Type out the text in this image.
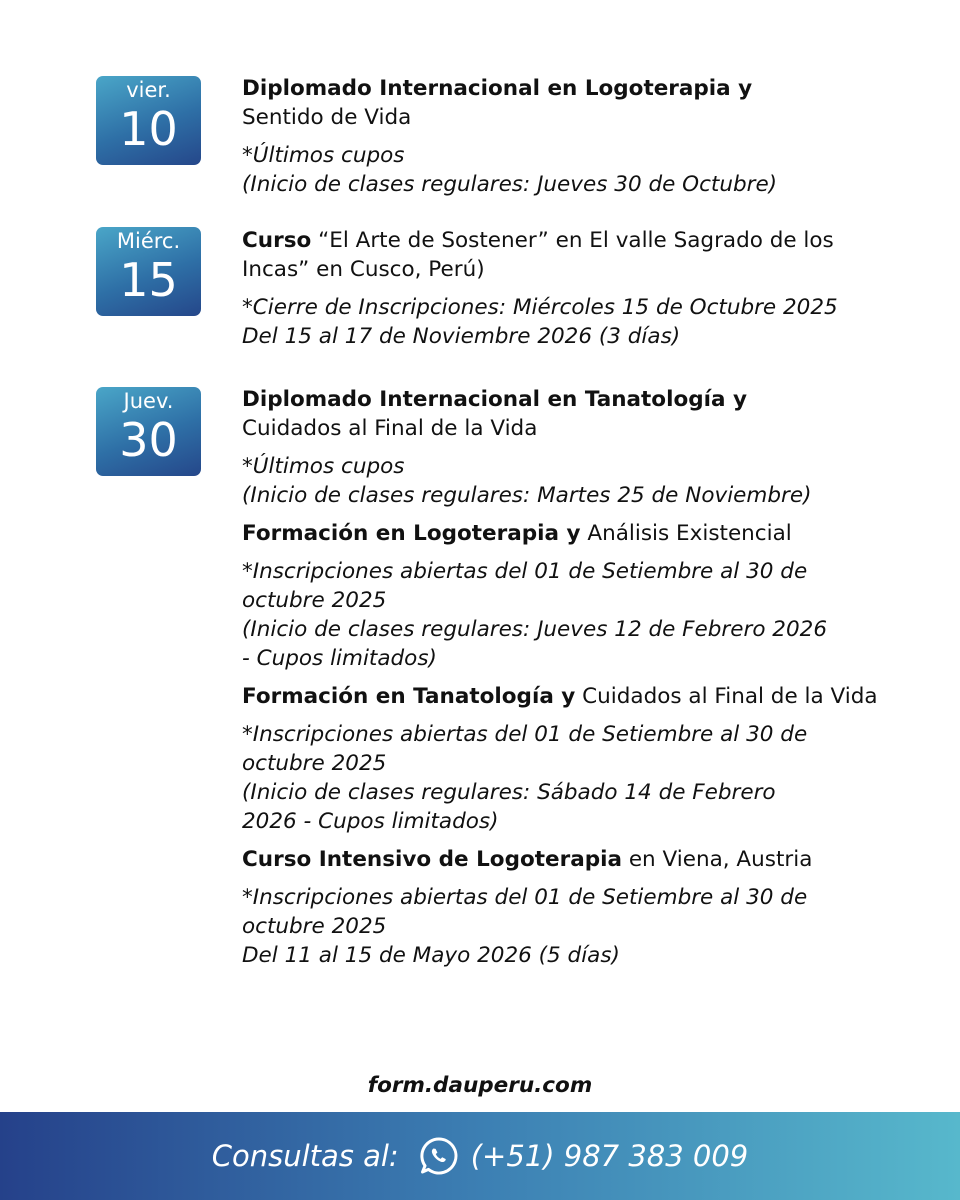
vier.
10
Diplomado Internacional en Logoterapia y
Sentido de Vida
*Últimos cupos
(Inicio de clases regulares: Jueves 30 de Octubre)
Miérc.
15
Curso “El Arte de Sostener” en El valle Sagrado de los
Incas” en Cusco, Perú)
*Cierre de Inscripciones: Miércoles 15 de Octubre 2025
Del 15 al 17 de Noviembre 2026 (3 días)
Juev.
30
Diplomado Internacional en Tanatología y
Cuidados al Final de la Vida
*Últimos cupos
(Inicio de clases regulares: Martes 25 de Noviembre)
Formación en Logoterapia y Análisis Existencial
*Inscripciones abiertas del 01 de Setiembre al 30 de
octubre 2025
(Inicio de clases regulares: Jueves 12 de Febrero 2026
- Cupos limitados)
Formación en Tanatología y Cuidados al Final de la Vida
*Inscripciones abiertas del 01 de Setiembre al 30 de
octubre 2025
(Inicio de clases regulares: Sábado 14 de Febrero
2026 - Cupos limitados)
Curso Intensivo de Logoterapia en Viena, Austria
*Inscripciones abiertas del 01 de Setiembre al 30 de
octubre 2025
Del 11 al 15 de Mayo 2026 (5 días)
form.dauperu.com
Consultas al: (+51) 987 383 009
